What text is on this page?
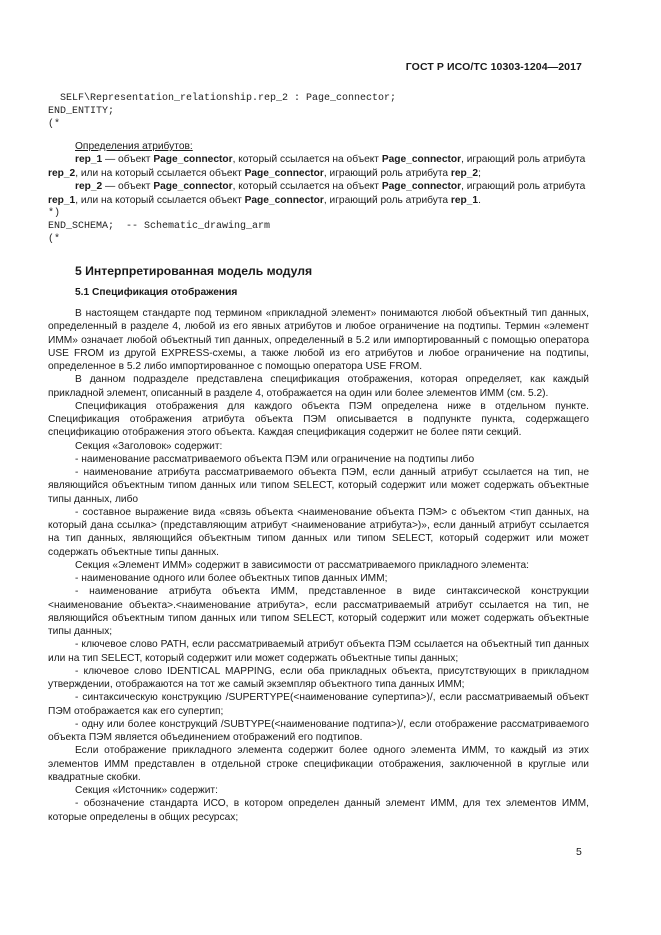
ГОСТ Р ИСО/ТС 10303-1204—2017
SELF\Representation_relationship.rep_2 : Page_connector;
END_ENTITY;
(*

Определения атрибутов:

rep_1 — объект Page_connector, который ссылается на объект Page_connector, играющий роль атрибута rep_2, или на который ссылается объект Page_connector, играющий роль атрибута rep_2;

rep_2 — объект Page_connector, который ссылается на объект Page_connector, играющий роль атрибута rep_1, или на который ссылается объект Page_connector, играющий роль атрибута rep_1.

*)
END_SCHEMA;  -- Schematic_drawing_arm
(*
5 Интерпретированная модель модуля
5.1 Спецификация отображения

В настоящем стандарте под термином «прикладной элемент» понимаются любой объектный тип данных, определенный в разделе 4, любой из его явных атрибутов и любое ограничение на подтипы. Термин «элемент ИММ» означает любой объектный тип данных, определенный в 5.2 или импортированный с помощью оператора USE FROM из другой EXPRESS-схемы, а также любой из его атрибутов и любое ограничение на подтипы, определенное в 5.2 либо импортированное с помощью оператора USE FROM.

В данном подразделе представлена спецификация отображения, которая определяет, как каждый прикладной элемент, описанный в разделе 4, отображается на один или более элементов ИММ (см. 5.2).

Спецификация отображения для каждого объекта ПЭМ определена ниже в отдельном пункте. Спецификация отображения атрибута объекта ПЭМ описывается в подпункте пункта, содержащего спецификацию отображения этого объекта. Каждая спецификация содержит не более пяти секций.

Секция «Заголовок» содержит:

- наименование рассматриваемого объекта ПЭМ или ограничение на подтипы либо

- наименование атрибута рассматриваемого объекта ПЭМ, если данный атрибут ссылается на тип, не являющийся объектным типом данных или типом SELECT, который содержит или может содержать объектные типы данных, либо

- составное выражение вида «связь объекта <наименование объекта ПЭМ> с объектом <тип данных, на который дана ссылка> (представляющим атрибут <наименование атрибута>)», если данный атрибут ссылается на тип данных, являющийся объектным типом данных или типом SELECT, который содержит или может содержать объектные типы данных.

Секция «Элемент ИММ» содержит в зависимости от рассматриваемого прикладного элемента:

- наименование одного или более объектных типов данных ИММ;

- наименование атрибута объекта ИММ, представленное в виде синтаксической конструкции <наименование объекта>.<наименование атрибута>, если рассматриваемый атрибут ссылается на тип, не являющийся объектным типом данных или типом SELECT, который содержит или может содержать объектные типы данных;

- ключевое слово PATH, если рассматриваемый атрибут объекта ПЭМ ссылается на объектный тип данных или на тип SELECT, который содержит или может содержать объектные типы данных;

- ключевое слово IDENTICAL MAPPING, если оба прикладных объекта, присутствующих в прикладном утверждении, отображаются на тот же самый экземпляр объектного типа данных ИММ;

- синтаксическую конструкцию /SUPERTYPE(<наименование супертипа>)/, если рассматриваемый объект ПЭМ отображается как его супертип;

- одну или более конструкций /SUBTYPE(<наименование подтипа>)/, если отображение рассматриваемого объекта ПЭМ является объединением отображений его подтипов.

Если отображение прикладного элемента содержит более одного элемента ИММ, то каждый из этих элементов ИММ представлен в отдельной строке спецификации отображения, заключенной в круглые или квадратные скобки.

Секция «Источник» содержит:

- обозначение стандарта ИСО, в котором определен данный элемент ИММ, для тех элементов ИММ, которые определены в общих ресурсах;

5
